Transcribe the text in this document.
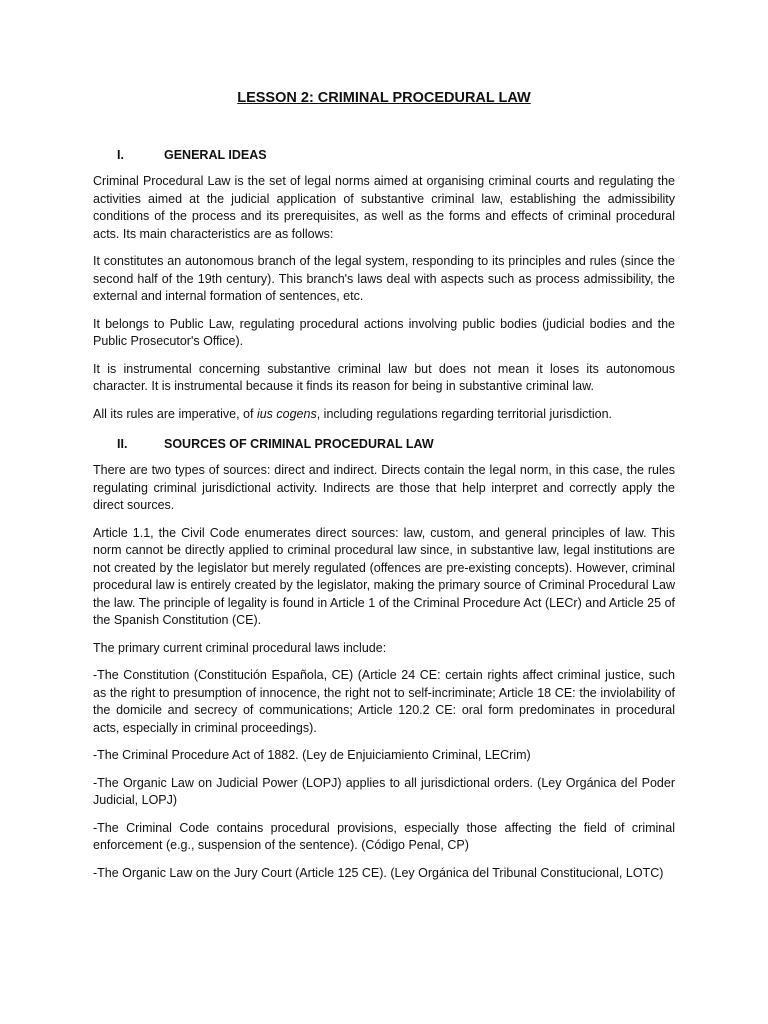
LESSON 2: CRIMINAL PROCEDURAL LAW
I.	GENERAL IDEAS

Criminal Procedural Law is the set of legal norms aimed at organising criminal courts and regulating the activities aimed at the judicial application of substantive criminal law, establishing the admissibility conditions of the process and its prerequisites, as well as the forms and effects of criminal procedural acts. Its main characteristics are as follows:

It constitutes an autonomous branch of the legal system, responding to its principles and rules (since the second half of the 19th century). This branch's laws deal with aspects such as process admissibility, the external and internal formation of sentences, etc.

It belongs to Public Law, regulating procedural actions involving public bodies (judicial bodies and the Public Prosecutor's Office).

It is instrumental concerning substantive criminal law but does not mean it loses its autonomous character. It is instrumental because it finds its reason for being in substantive criminal law.

All its rules are imperative, of ius cogens, including regulations regarding territorial jurisdiction.

II.	SOURCES OF CRIMINAL PROCEDURAL LAW

There are two types of sources: direct and indirect. Directs contain the legal norm, in this case, the rules regulating criminal jurisdictional activity. Indirects are those that help interpret and correctly apply the direct sources.

Article 1.1, the Civil Code enumerates direct sources: law, custom, and general principles of law. This norm cannot be directly applied to criminal procedural law since, in substantive law, legal institutions are not created by the legislator but merely regulated (offences are pre-existing concepts). However, criminal procedural law is entirely created by the legislator, making the primary source of Criminal Procedural Law the law. The principle of legality is found in Article 1 of the Criminal Procedure Act (LECr) and Article 25 of the Spanish Constitution (CE).

The primary current criminal procedural laws include:

-The Constitution (Constitución Española, CE) (Article 24 CE: certain rights affect criminal justice, such as the right to presumption of innocence, the right not to self-incriminate; Article 18 CE: the inviolability of the domicile and secrecy of communications; Article 120.2 CE: oral form predominates in procedural acts, especially in criminal proceedings).

-The Criminal Procedure Act of 1882. (Ley de Enjuiciamiento Criminal, LECrim)

-The Organic Law on Judicial Power (LOPJ) applies to all jurisdictional orders. (Ley Orgánica del Poder Judicial, LOPJ)

-The Criminal Code contains procedural provisions, especially those affecting the field of criminal enforcement (e.g., suspension of the sentence). (Código Penal, CP)

-The Organic Law on the Jury Court (Article 125 CE). (Ley Orgánica del Tribunal Constitucional, LOTC)
